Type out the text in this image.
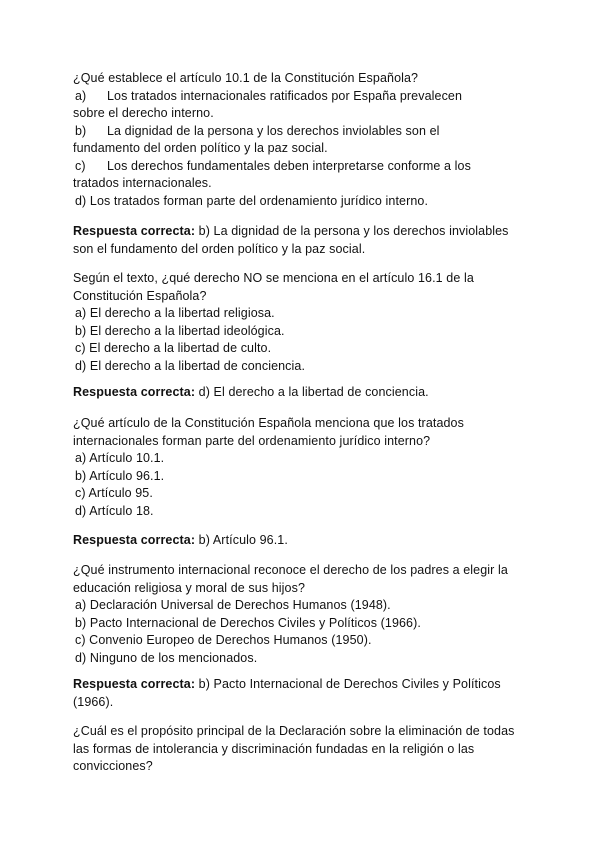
¿Qué establece el artículo 10.1 de la Constitución Española?
a) Los tratados internacionales ratificados por España prevalecen
sobre el derecho interno.
b) La dignidad de la persona y los derechos inviolables son el
fundamento del orden político y la paz social.
c) Los derechos fundamentales deben interpretarse conforme a los
tratados internacionales.
d) Los tratados forman parte del ordenamiento jurídico interno.
Respuesta correcta: b) La dignidad de la persona y los derechos inviolables
son el fundamento del orden político y la paz social.
Según el texto, ¿qué derecho NO se menciona en el artículo 16.1 de la
Constitución Española?
a) El derecho a la libertad religiosa.
b) El derecho a la libertad ideológica.
c) El derecho a la libertad de culto.
d) El derecho a la libertad de conciencia.
Respuesta correcta: d) El derecho a la libertad de conciencia.
¿Qué artículo de la Constitución Española menciona que los tratados
internacionales forman parte del ordenamiento jurídico interno?
a) Artículo 10.1.
b) Artículo 96.1.
c) Artículo 95.
d) Artículo 18.
Respuesta correcta: b) Artículo 96.1.
¿Qué instrumento internacional reconoce el derecho de los padres a elegir la
educación religiosa y moral de sus hijos?
a) Declaración Universal de Derechos Humanos (1948).
b) Pacto Internacional de Derechos Civiles y Políticos (1966).
c) Convenio Europeo de Derechos Humanos (1950).
d) Ninguno de los mencionados.
Respuesta correcta: b) Pacto Internacional de Derechos Civiles y Políticos
(1966).
¿Cuál es el propósito principal de la Declaración sobre la eliminación de todas
las formas de intolerancia y discriminación fundadas en la religión o las
convicciones?
